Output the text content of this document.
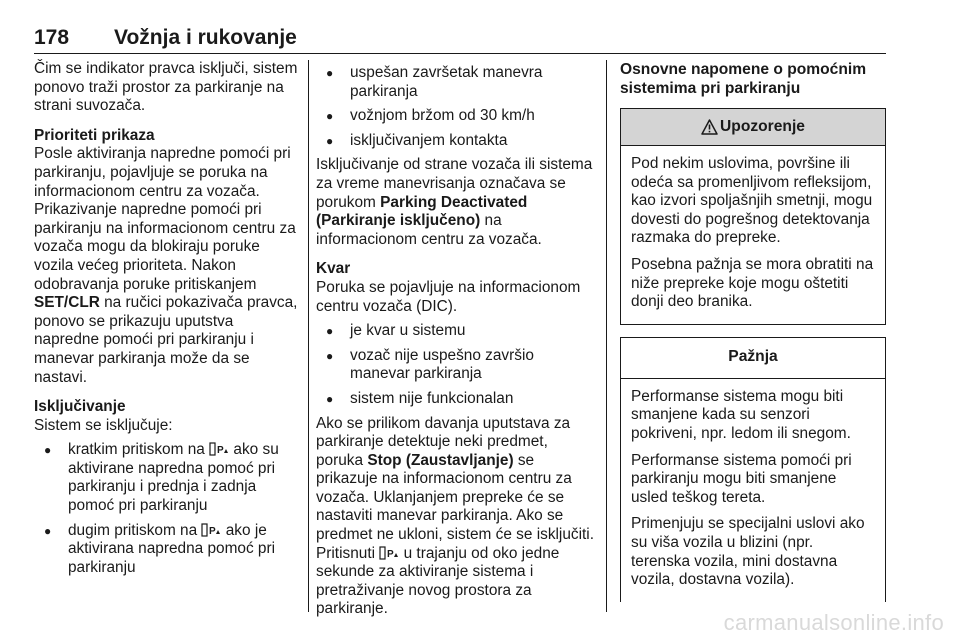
178 Vožnja i rukovanje

Čim se indikator pravca isključi, sistem ponovo traži prostor za parkiranje na strani suvozača.

Prioriteti prikaza

Posle aktiviranja napredne pomoći pri parkiranju, pojavljuje se poruka na informacionom centru za vozača. Prikazivanje napredne pomoći pri parkiranju na informacionom centru za vozača mogu da blokiraju poruke vozila većeg prioriteta. Nakon odobravanja poruke pritiskanjem SET/CLR na ručici pokazivača pravca, ponovo se prikazuju uputstva napredne pomoći pri parkiranju i manevar parkiranja može da se nastavi.

Isključivanje

Sistem se isključuje:

● kratkim pritiskom na P ako su aktivirane napredna pomoć pri parkiranju i prednja i zadnja pomoć pri parkiranju
● dugim pritiskom na P ako je aktivirana napredna pomoć pri parkiranju
● uspešan završetak manevra parkiranja
● vožnjom bržom od 30 km/h
● isključivanjem kontakta

Isključivanje od strane vozača ili sistema za vreme manevrisanja označava se porukom Parking Deactivated (Parkiranje isključeno) na informacionom centru za vozača.

Kvar

Poruka se pojavljuje na informacionom centru vozača (DIC).

● je kvar u sistemu
● vozač nije uspešno završio manevar parkiranja
● sistem nije funkcionalan

Ako se prilikom davanja uputstava za parkiranje detektuje neki predmet, poruka Stop (Zaustavljanje) se prikazuje na informacionom centru za vozača. Uklanjanjem prepreke će se nastaviti manevar parkiranja. Ako se predmet ne ukloni, sistem će se isključiti. Pritisnuti P u trajanju od oko jedne sekunde za aktiviranje sistema i pretraživanje novog prostora za parkiranje.

Osnovne napomene o pomoćnim sistemima pri parkiranju
Upozorenje

Pod nekim uslovima, površine ili odeća sa promenljivom refleksijom, kao izvori spoljašnjih smetnji, mogu dovesti do pogrešnog detektovanja razmaka do prepreke.

Posebna pažnja se mora obratiti na niže prepreke koje mogu oštetiti donji deo branika.

Pažnja

Performanse sistema mogu biti smanjene kada su senzori pokriveni, npr. ledom ili snegom.

Performanse sistema pomoći pri parkiranju mogu biti smanjene usled teškog tereta.

Primenjuju se specijalni uslovi ako su viša vozila u blizini (npr. terenska vozila, mini dostavna vozila, dostavna vozila).

carmanualsonline.info
